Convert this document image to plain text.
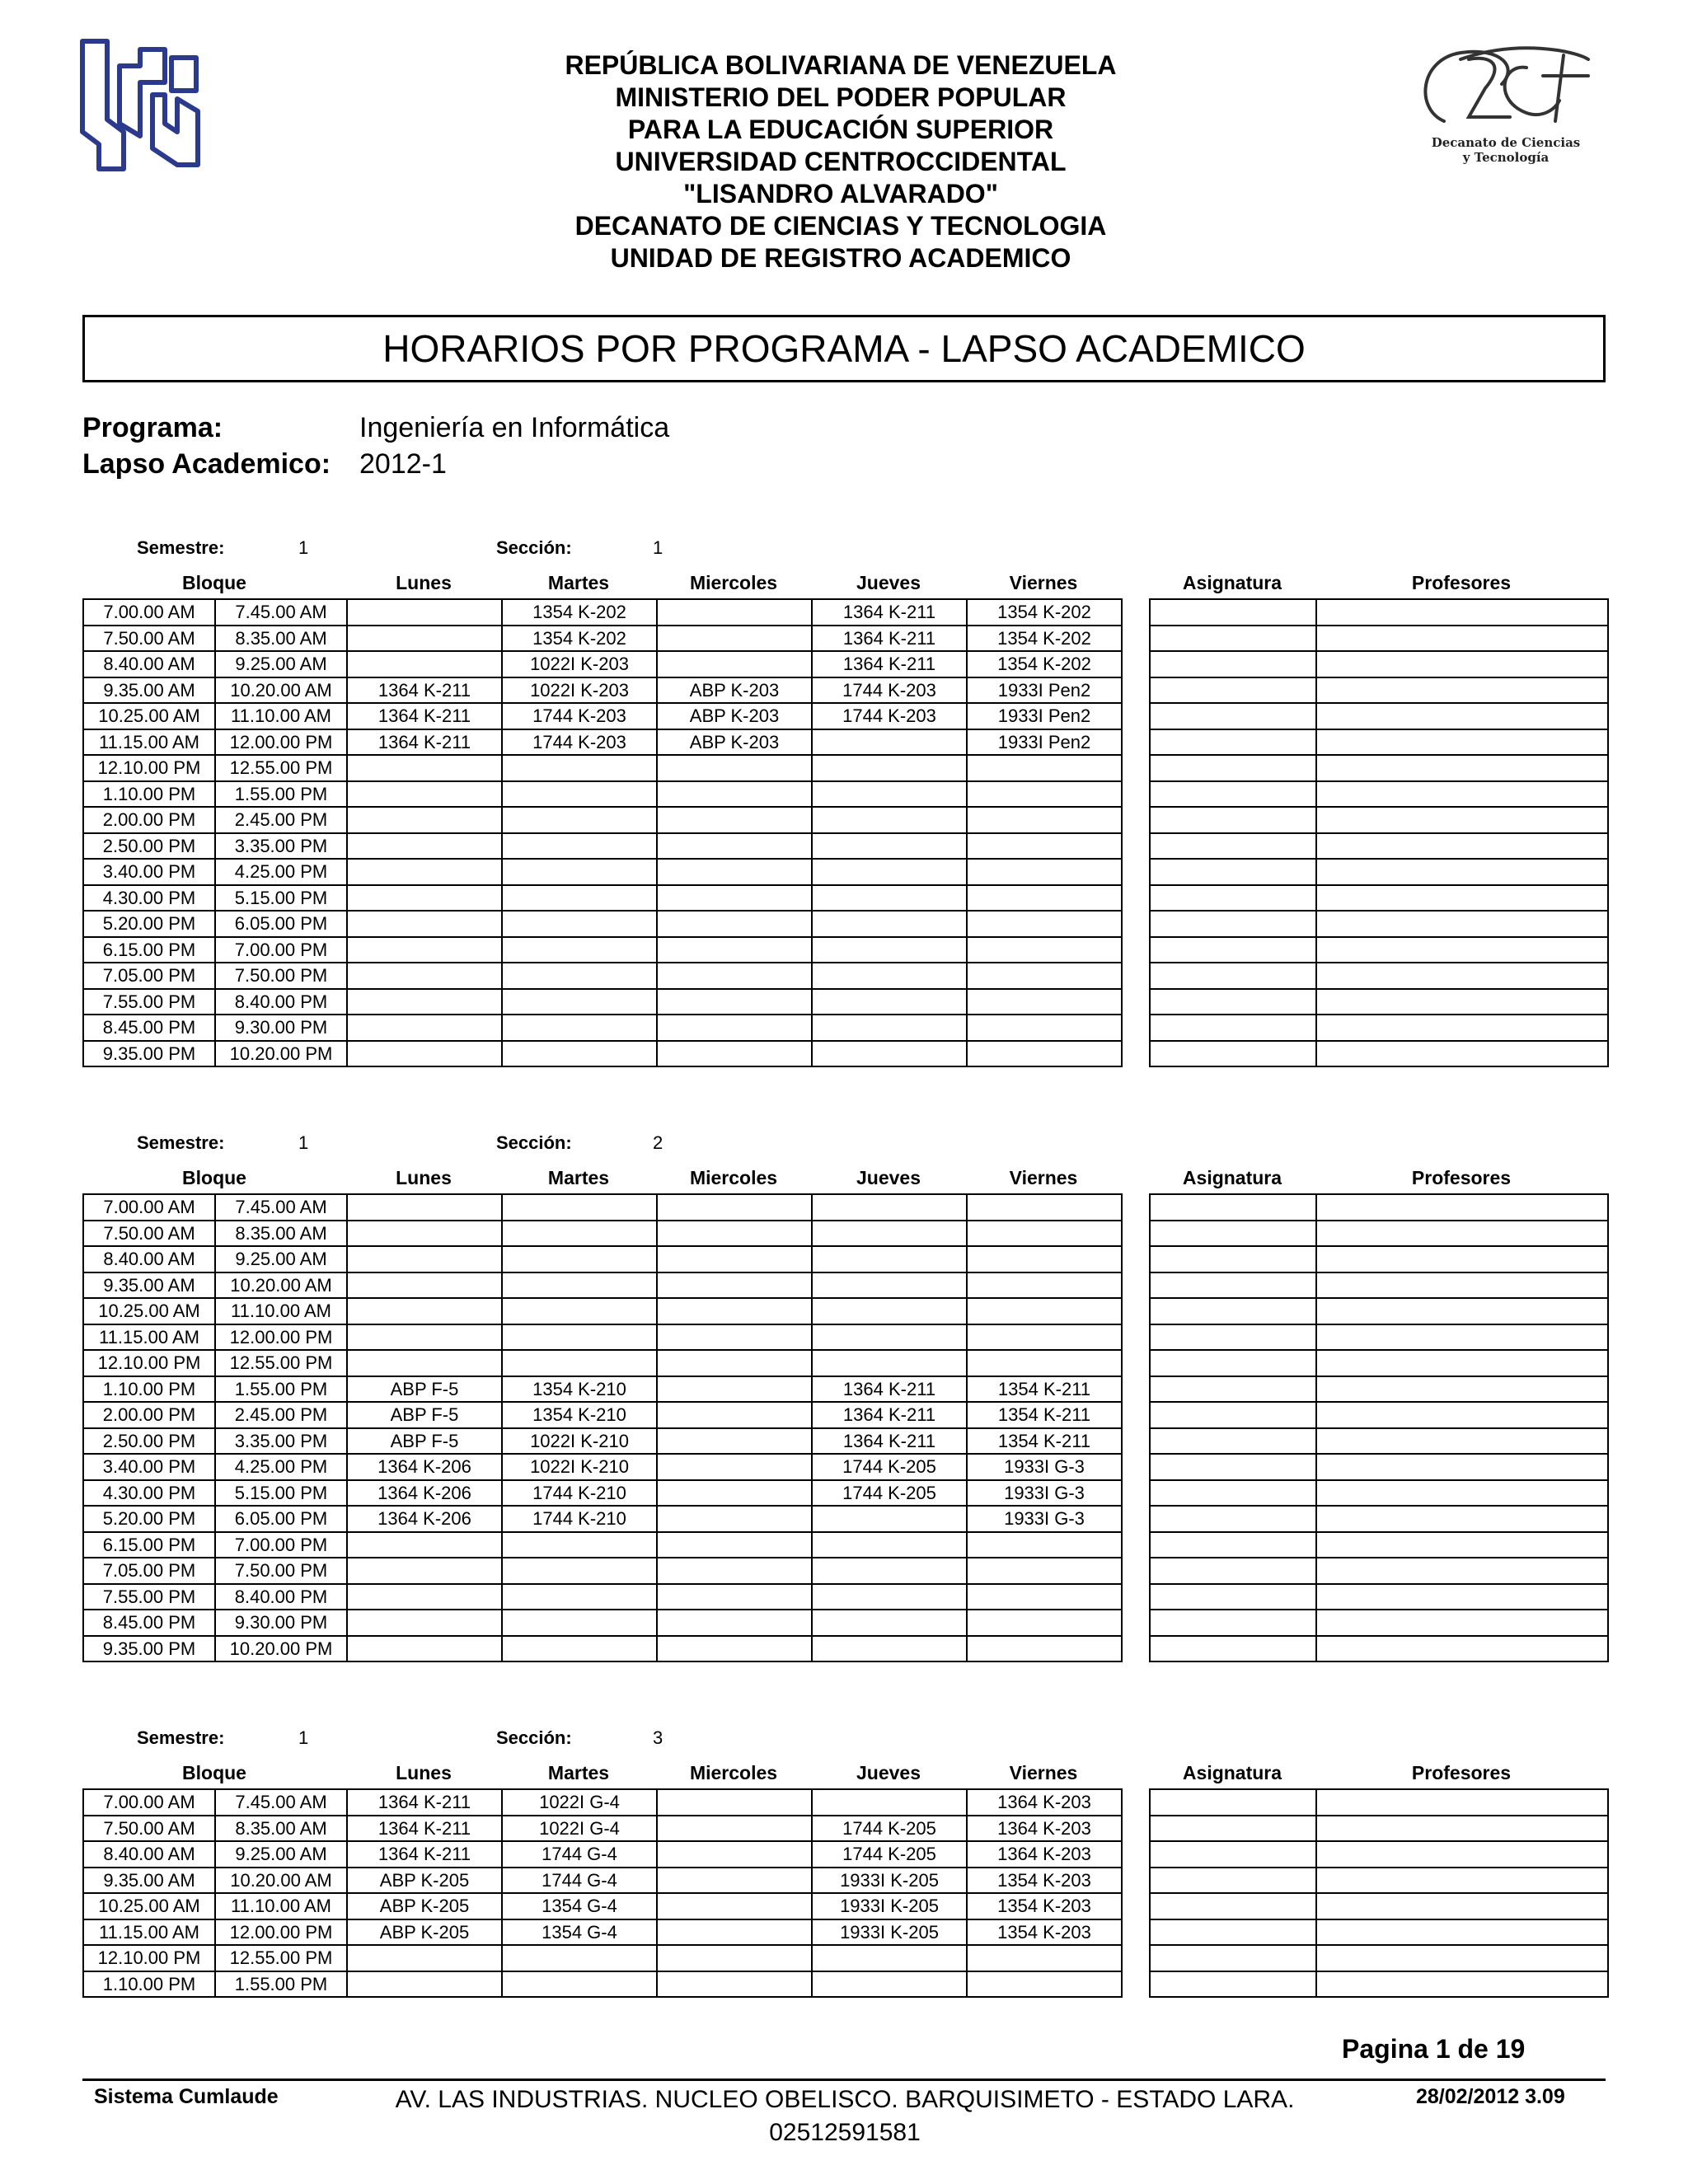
REPÚBLICA BOLIVARIANA DE VENEZUELA
MINISTERIO DEL PODER POPULAR
PARA LA EDUCACIÓN SUPERIOR
UNIVERSIDAD CENTROCCIDENTAL
"LISANDRO ALVARADO"
DECANATO DE CIENCIAS Y TECNOLOGIA
UNIDAD DE REGISTRO ACADEMICO
Decanato de Ciencias
y Tecnología
HORARIOS POR PROGRAMA - LAPSO ACADEMICO
Programa:	Ingeniería en Informática
Lapso Academico: 2012-1
Semestre:	1	Sección:	1
Bloque	Lunes	Martes	Miercoles	Jueves	Viernes	Asignatura	Profesores
7.00.00 AM	7.45.00 AM		1354 K-202		1364 K-211	1354 K-202
7.50.00 AM	8.35.00 AM		1354 K-202		1364 K-211	1354 K-202
8.40.00 AM	9.25.00 AM		1022I K-203		1364 K-211	1354 K-202
9.35.00 AM	10.20.00 AM	1364 K-211	1022I K-203	ABP K-203	1744 K-203	1933I Pen2
10.25.00 AM	11.10.00 AM	1364 K-211	1744 K-203	ABP K-203	1744 K-203	1933I Pen2
11.15.00 AM	12.00.00 PM	1364 K-211	1744 K-203	ABP K-203		1933I Pen2
12.10.00 PM	12.55.00 PM					
1.10.00 PM	1.55.00 PM					
2.00.00 PM	2.45.00 PM					
2.50.00 PM	3.35.00 PM					
3.40.00 PM	4.25.00 PM					
4.30.00 PM	5.15.00 PM					
5.20.00 PM	6.05.00 PM					
6.15.00 PM	7.00.00 PM					
7.05.00 PM	7.50.00 PM					
7.55.00 PM	8.40.00 PM					
8.45.00 PM	9.30.00 PM					
9.35.00 PM	10.20.00 PM					

Semestre:	1	Sección:	2
Bloque	Lunes	Martes	Miercoles	Jueves	Viernes	Asignatura	Profesores
7.00.00 AM	7.45.00 AM					
7.50.00 AM	8.35.00 AM					
8.40.00 AM	9.25.00 AM					
9.35.00 AM	10.20.00 AM					
10.25.00 AM	11.10.00 AM					
11.15.00 AM	12.00.00 PM					
12.10.00 PM	12.55.00 PM					
1.10.00 PM	1.55.00 PM	ABP F-5	1354 K-210		1364 K-211	1354 K-211
2.00.00 PM	2.45.00 PM	ABP F-5	1354 K-210		1364 K-211	1354 K-211
2.50.00 PM	3.35.00 PM	ABP F-5	1022I K-210		1364 K-211	1354 K-211
3.40.00 PM	4.25.00 PM	1364 K-206	1022I K-210		1744 K-205	1933I G-3
4.30.00 PM	5.15.00 PM	1364 K-206	1744 K-210		1744 K-205	1933I G-3
5.20.00 PM	6.05.00 PM	1364 K-206	1744 K-210			1933I G-3
6.15.00 PM	7.00.00 PM					
7.05.00 PM	7.50.00 PM					
7.55.00 PM	8.40.00 PM					
8.45.00 PM	9.30.00 PM					
9.35.00 PM	10.20.00 PM					

Semestre:	1	Sección:	3
Bloque	Lunes	Martes	Miercoles	Jueves	Viernes	Asignatura	Profesores
7.00.00 AM	7.45.00 AM	1364 K-211	1022I G-4			1364 K-203
7.50.00 AM	8.35.00 AM	1364 K-211	1022I G-4		1744 K-205	1364 K-203
8.40.00 AM	9.25.00 AM	1364 K-211	1744 G-4		1744 K-205	1364 K-203
9.35.00 AM	10.20.00 AM	ABP K-205	1744 G-4		1933I K-205	1354 K-203
10.25.00 AM	11.10.00 AM	ABP K-205	1354 G-4		1933I K-205	1354 K-203
11.15.00 AM	12.00.00 PM	ABP K-205	1354 G-4		1933I K-205	1354 K-203
12.10.00 PM	12.55.00 PM					
1.10.00 PM	1.55.00 PM					

Pagina 1 de 19
Sistema Cumlaude	AV. LAS INDUSTRIAS. NUCLEO OBELISCO. BARQUISIMETO - ESTADO LARA.
02512591581
28/02/2012 3.09
